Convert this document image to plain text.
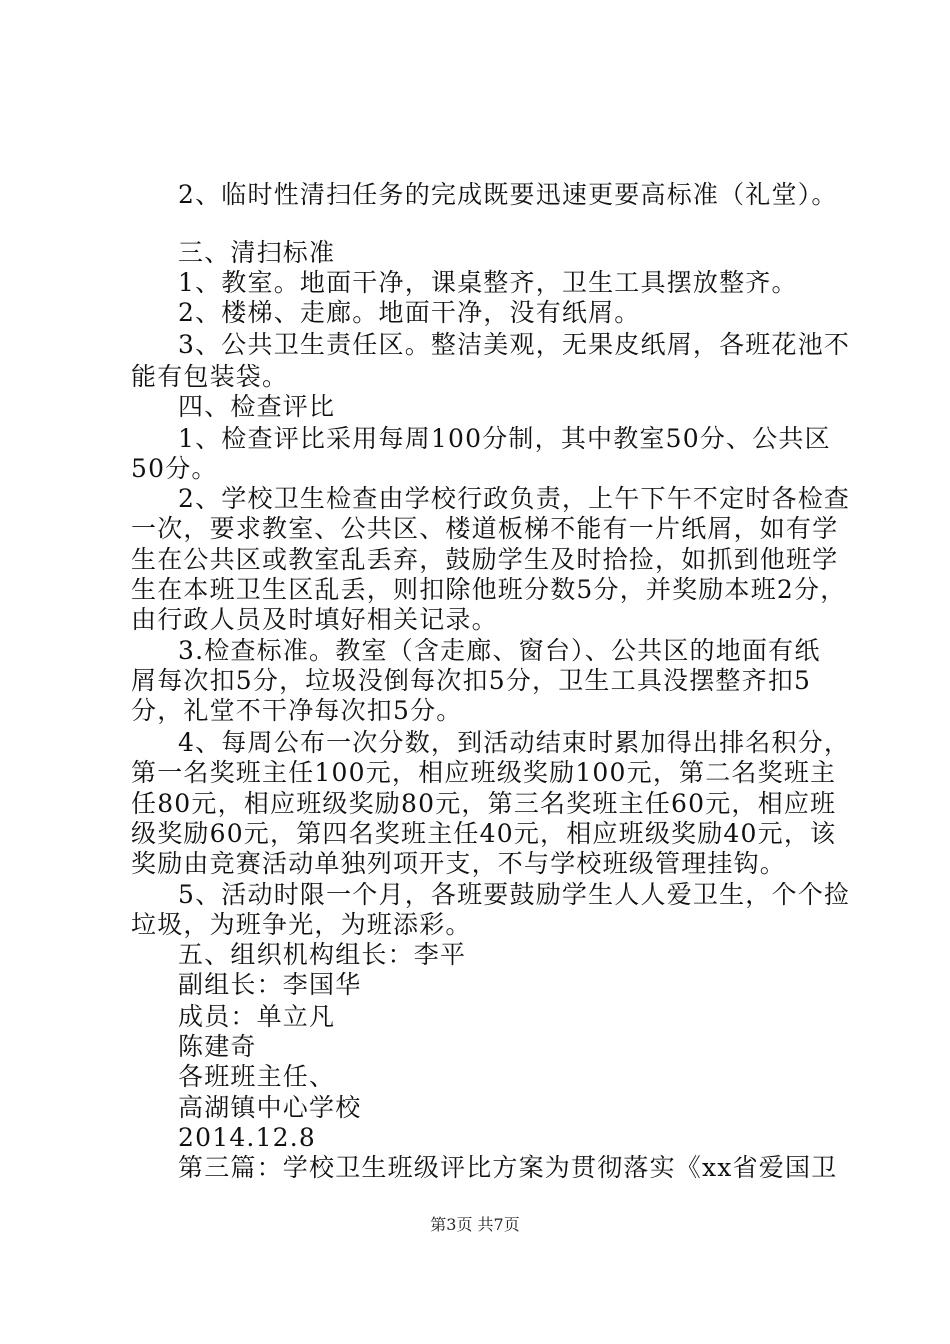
2、临时性清扫任务的完成既要迅速更要高标准（礼堂）。
三、清扫标准
1、教室。地面干净，课桌整齐，卫生工具摆放整齐。
2、楼梯、走廊。地面干净，没有纸屑。
3、公共卫生责任区。整洁美观，无果皮纸屑，各班花池不
能有包装袋。
四、检查评比
1、检查评比采用每周100分制，其中教室50分、公共区
50分。
2、学校卫生检查由学校行政负责，上午下午不定时各检查
一次，要求教室、公共区、楼道板梯不能有一片纸屑，如有学
生在公共区或教室乱丢弃，鼓励学生及时拾捡，如抓到他班学
生在本班卫生区乱丢，则扣除他班分数5分，并奖励本班2分，
由行政人员及时填好相关记录。
3.检查标准。教室（含走廊、窗台）、公共区的地面有纸
屑每次扣5分，垃圾没倒每次扣5分，卫生工具没摆整齐扣5
分，礼堂不干净每次扣5分。
4、每周公布一次分数，到活动结束时累加得出排名积分，
第一名奖班主任100元，相应班级奖励100元，第二名奖班主
任80元，相应班级奖励80元，第三名奖班主任60元，相应班
级奖励60元，第四名奖班主任40元，相应班级奖励40元，该
奖励由竞赛活动单独列项开支，不与学校班级管理挂钩。
5、活动时限一个月，各班要鼓励学生人人爱卫生，个个捡
垃圾，为班争光，为班添彩。
五、组织机构组长：李平
副组长：李国华
成员：单立凡
陈建奇
各班班主任、
高湖镇中心学校
2014.12.8
第三篇：学校卫生班级评比方案为贯彻落实《xx省爱国卫
第3页 共7页
